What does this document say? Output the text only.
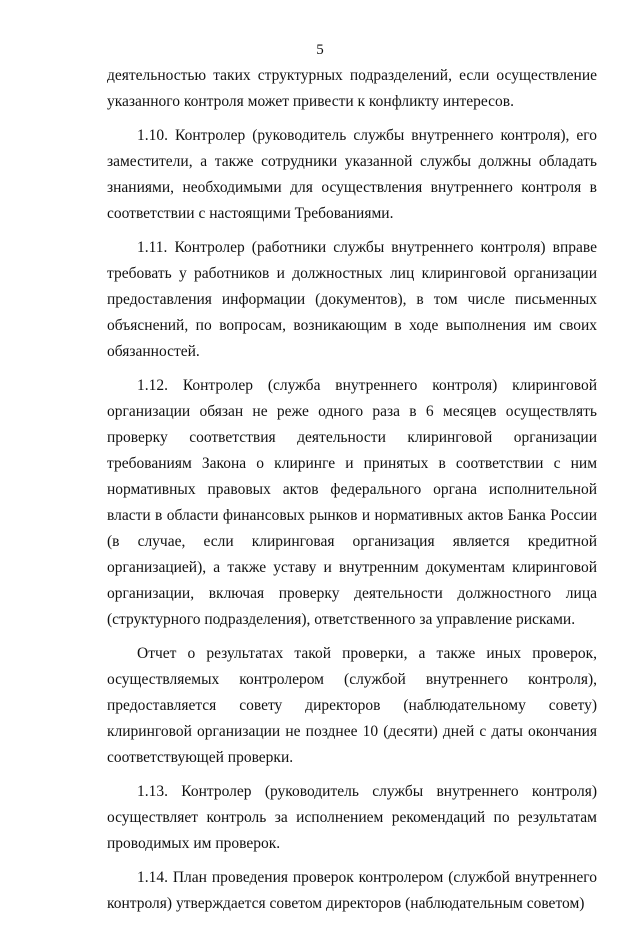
5

деятельностью таких структурных подразделений, если осуществление указанного контроля может привести к конфликту интересов.

1.10. Контролер (руководитель службы внутреннего контроля), его заместители, а также сотрудники указанной службы должны обладать знаниями, необходимыми для осуществления внутреннего контроля в соответствии с настоящими Требованиями.

1.11. Контролер (работники службы внутреннего контроля) вправе требовать у работников и должностных лиц клиринговой организации предоставления информации (документов), в том числе письменных объяснений, по вопросам, возникающим в ходе выполнения им своих обязанностей.

1.12. Контролер (служба внутреннего контроля) клиринговой организации обязан не реже одного раза в 6 месяцев осуществлять проверку соответствия деятельности клиринговой организации требованиям Закона о клиринге и принятых в соответствии с ним нормативных правовых актов федерального органа исполнительной власти в области финансовых рынков и нормативных актов Банка России (в случае, если клиринговая организация является кредитной организацией), а также уставу и внутренним документам клиринговой организации, включая проверку деятельности должностного лица (структурного подразделения), ответственного за управление рисками.

Отчет о результатах такой проверки, а также иных проверок, осуществляемых контролером (службой внутреннего контроля), предоставляется совету директоров (наблюдательному совету) клиринговой организации не позднее 10 (десяти) дней с даты окончания соответствующей проверки.

1.13. Контролер (руководитель службы внутреннего контроля) осуществляет контроль за исполнением рекомендаций по результатам проводимых им проверок.

1.14. План проведения проверок контролером (службой внутреннего контроля) утверждается советом директоров (наблюдательным советом)
